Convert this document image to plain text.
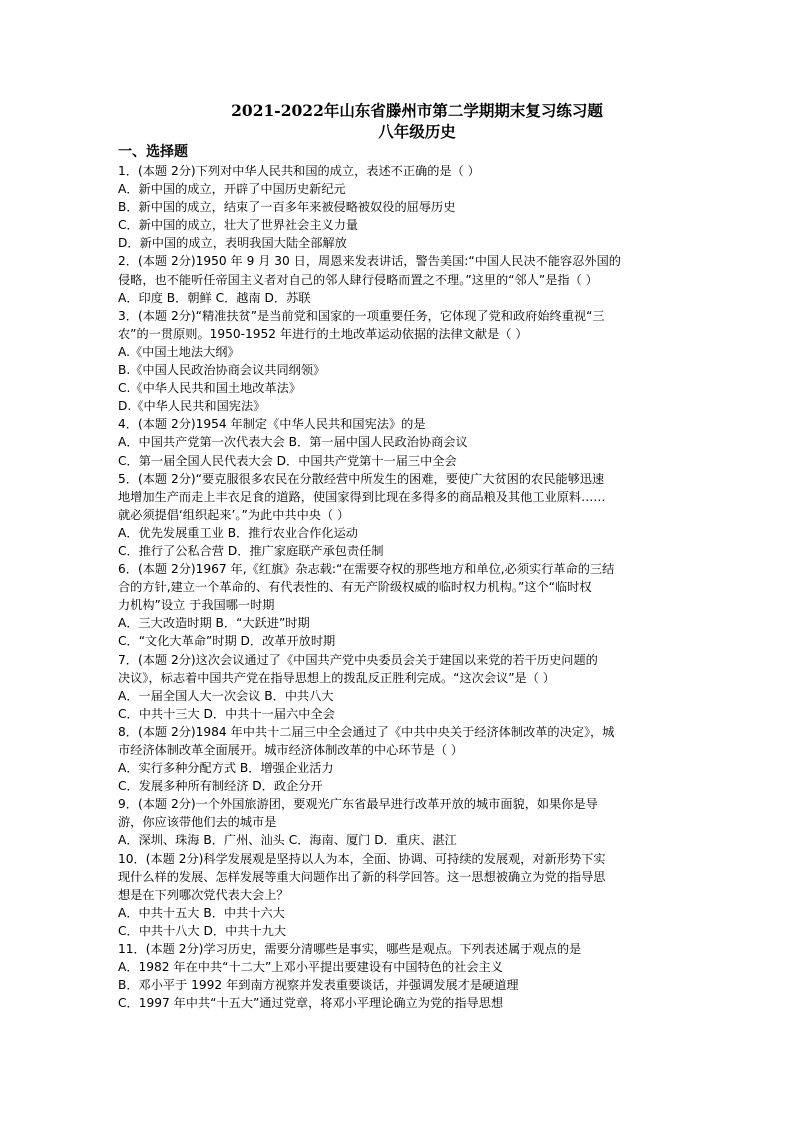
2021-2022年山东省滕州市第二学期期末复习练习题
八年级历史
一、选择题
1．(本题 2分)下列对中华人民共和国的成立，表述不正确的是（ ）
A．新中国的成立，开辟了中国历史新纪元
B．新中国的成立，结束了一百多年来被侵略被奴役的屈辱历史
C．新中国的成立，壮大了世界社会主义力量
D．新中国的成立，表明我国大陆全部解放
2．(本题 2分)1950 年 9 月 30 日，周恩来发表讲话，警告美国:“中国人民决不能容忍外国的
侵略，也不能听任帝国主义者对自己的邻人肆行侵略而置之不理。”这里的“邻人”是指（ ）
A．印度 B．朝鲜 C．越南 D．苏联
3．(本题 2分)“精准扶贫”是当前党和国家的一项重要任务，它体现了党和政府始终重视“三
农”的一贯原则。1950-1952 年进行的土地改革运动依据的法律文献是（ ）
A.《中国土地法大纲》
B.《中国人民政治协商会议共同纲领》
C.《中华人民共和国土地改革法》
D.《中华人民共和国宪法》
4．(本题 2分)1954 年制定《中华人民共和国宪法》的是
A．中国共产党第一次代表大会 B．第一届中国人民政治协商会议
C．第一届全国人民代表大会 D．中国共产党第十一届三中全会
5．(本题 2分)“要克服很多农民在分散经营中所发生的困难，要使广大贫困的农民能够迅速
地增加生产而走上丰衣足食的道路，使国家得到比现在多得多的商品粮及其他工业原料……
就必须提倡‘组织起来’。”为此中共中央（ ）
A．优先发展重工业 B．推行农业合作化运动
C．推行了公私合营 D．推广家庭联产承包责任制
6．(本题 2分)1967 年,《红旗》杂志载:“在需要夺权的那些地方和单位,必须实行革命的三结
合的方针,建立一个革命的、有代表性的、有无产阶级权威的临时权力机构。”这个“临时权
力机构”设立 于我国哪一时期
A．三大改造时期 B．“大跃进”时期
C．“文化大革命”时期 D．改革开放时期
7．(本题 2分)这次会议通过了《中国共产党中央委员会关于建国以来党的若干历史问题的
决议》，标志着中国共产党在指导思想上的拨乱反正胜利完成。“这次会议”是（ ）
A．一届全国人大一次会议 B．中共八大
C．中共十三大 D．中共十一届六中全会
8．(本题 2分)1984 年中共十二届三中全会通过了《中共中央关于经济体制改革的决定》，城
市经济体制改革全面展开。城市经济体制改革的中心环节是（ ）
A．实行多种分配方式 B．增强企业活力
C．发展多种所有制经济 D．政企分开
9．(本题 2分)一个外国旅游团，要观光广东省最早进行改革开放的城市面貌，如果你是导
游，你应该带他们去的城市是
A．深圳、珠海 B．广州、汕头 C．海南、厦门 D．重庆、湛江
10．(本题 2分)科学发展观是坚持以人为本，全面、协调、可持续的发展观，对新形势下实
现什么样的发展、怎样发展等重大问题作出了新的科学回答。这一思想被确立为党的指导思
想是在下列哪次党代表大会上？
A．中共十五大 B．中共十六大
C．中共十八大 D．中共十九大
11．(本题 2分)学习历史，需要分清哪些是事实，哪些是观点。下列表述属于观点的是
A．1982 年在中共“十二大”上邓小平提出要建设有中国特色的社会主义
B．邓小平于 1992 年到南方视察并发表重要谈话，并强调发展才是硬道理
C．1997 年中共“十五大”通过党章，将邓小平理论确立为党的指导思想
